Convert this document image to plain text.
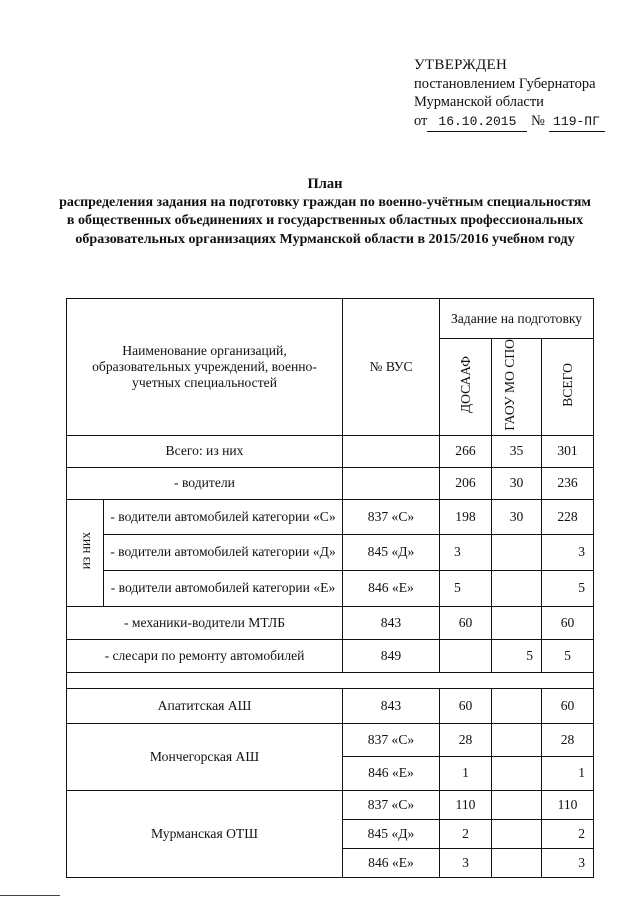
УТВЕРЖДЕН
постановлением Губернатора
Мурманской области
от 16.10.2015 № 119-ПГ
План
распределения задания на подготовку граждан по военно-учётным специальностям в общественных объединениях и государственных областных профессиональных образовательных организациях Мурманской области в 2015/2016 учебном году
Наименование организаций, образовательных учреждений, военно-учетных специальностей		№ ВУС	Задание на подготовку		
			ДОСААФ	ГАОУ МО СПО	ВСЕГО
Всего: из них			266	35	301
- водители			206	30	236
из них	- водители автомобилей категории «С»	837 «С»	198	30	228
	- водители автомобилей категории «Д»	845 «Д»	3		3
	- водители автомобилей категории «Е»	846 «Е»	5		5
- механики-водители МТЛБ		843	60		60
- слесари по ремонту автомобилей		849		5	5

Апатитская АШ		843	60		60
Мончегорская АШ		837 «С»	28		28
		846 «Е»	1		1
Мурманская ОТШ		837 «С»	110		110
		845 «Д»	2		2
		846 «Е»	3		3
